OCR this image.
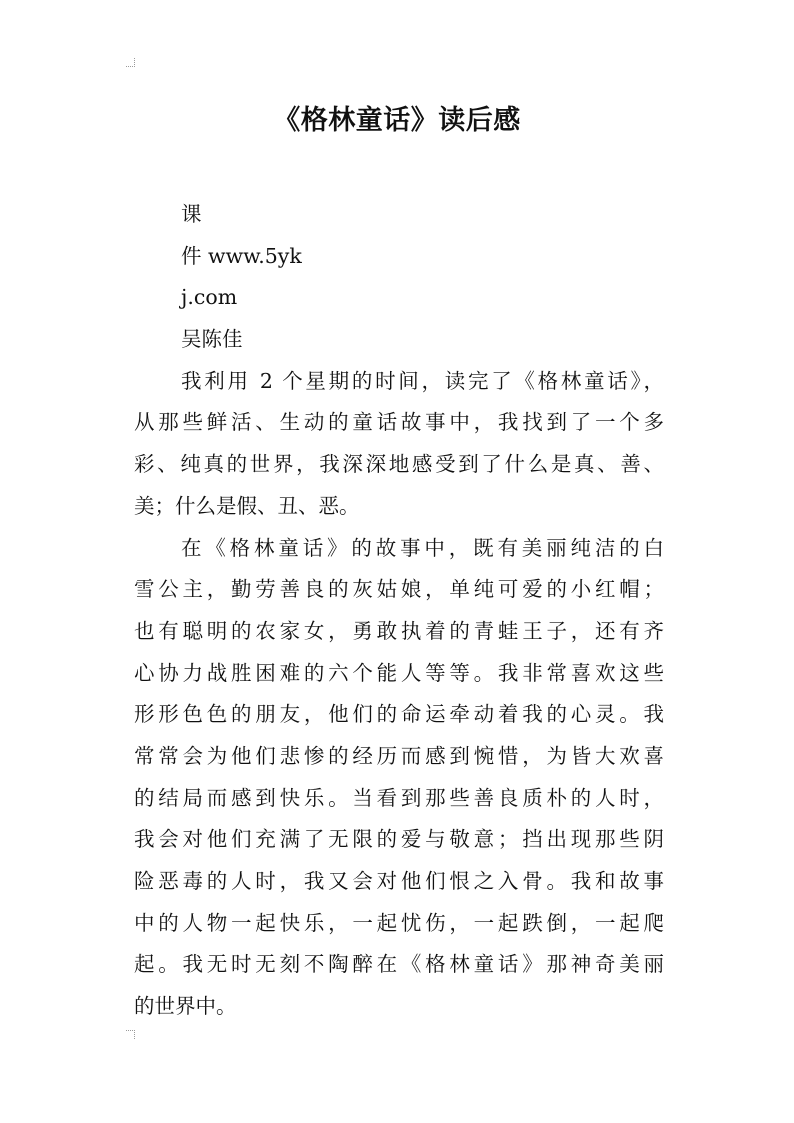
《格林童话》读后感
课
件 www.5yk
j.com
吴陈佳
我利用 2 个星期的时间，读完了《格林童话》，
从那些鲜活、生动的童话故事中，我找到了一个多
彩、纯真的世界，我深深地感受到了什么是真、善、
美；什么是假、丑、恶。
在《格林童话》的故事中，既有美丽纯洁的白
雪公主，勤劳善良的灰姑娘，单纯可爱的小红帽；
也有聪明的农家女，勇敢执着的青蛙王子，还有齐
心协力战胜困难的六个能人等等。我非常喜欢这些
形形色色的朋友，他们的命运牵动着我的心灵。我
常常会为他们悲惨的经历而感到惋惜，为皆大欢喜
的结局而感到快乐。当看到那些善良质朴的人时，
我会对他们充满了无限的爱与敬意；挡出现那些阴
险恶毒的人时，我又会对他们恨之入骨。我和故事
中的人物一起快乐，一起忧伤，一起跌倒，一起爬
起。我无时无刻不陶醉在《格林童话》那神奇美丽
的世界中。
